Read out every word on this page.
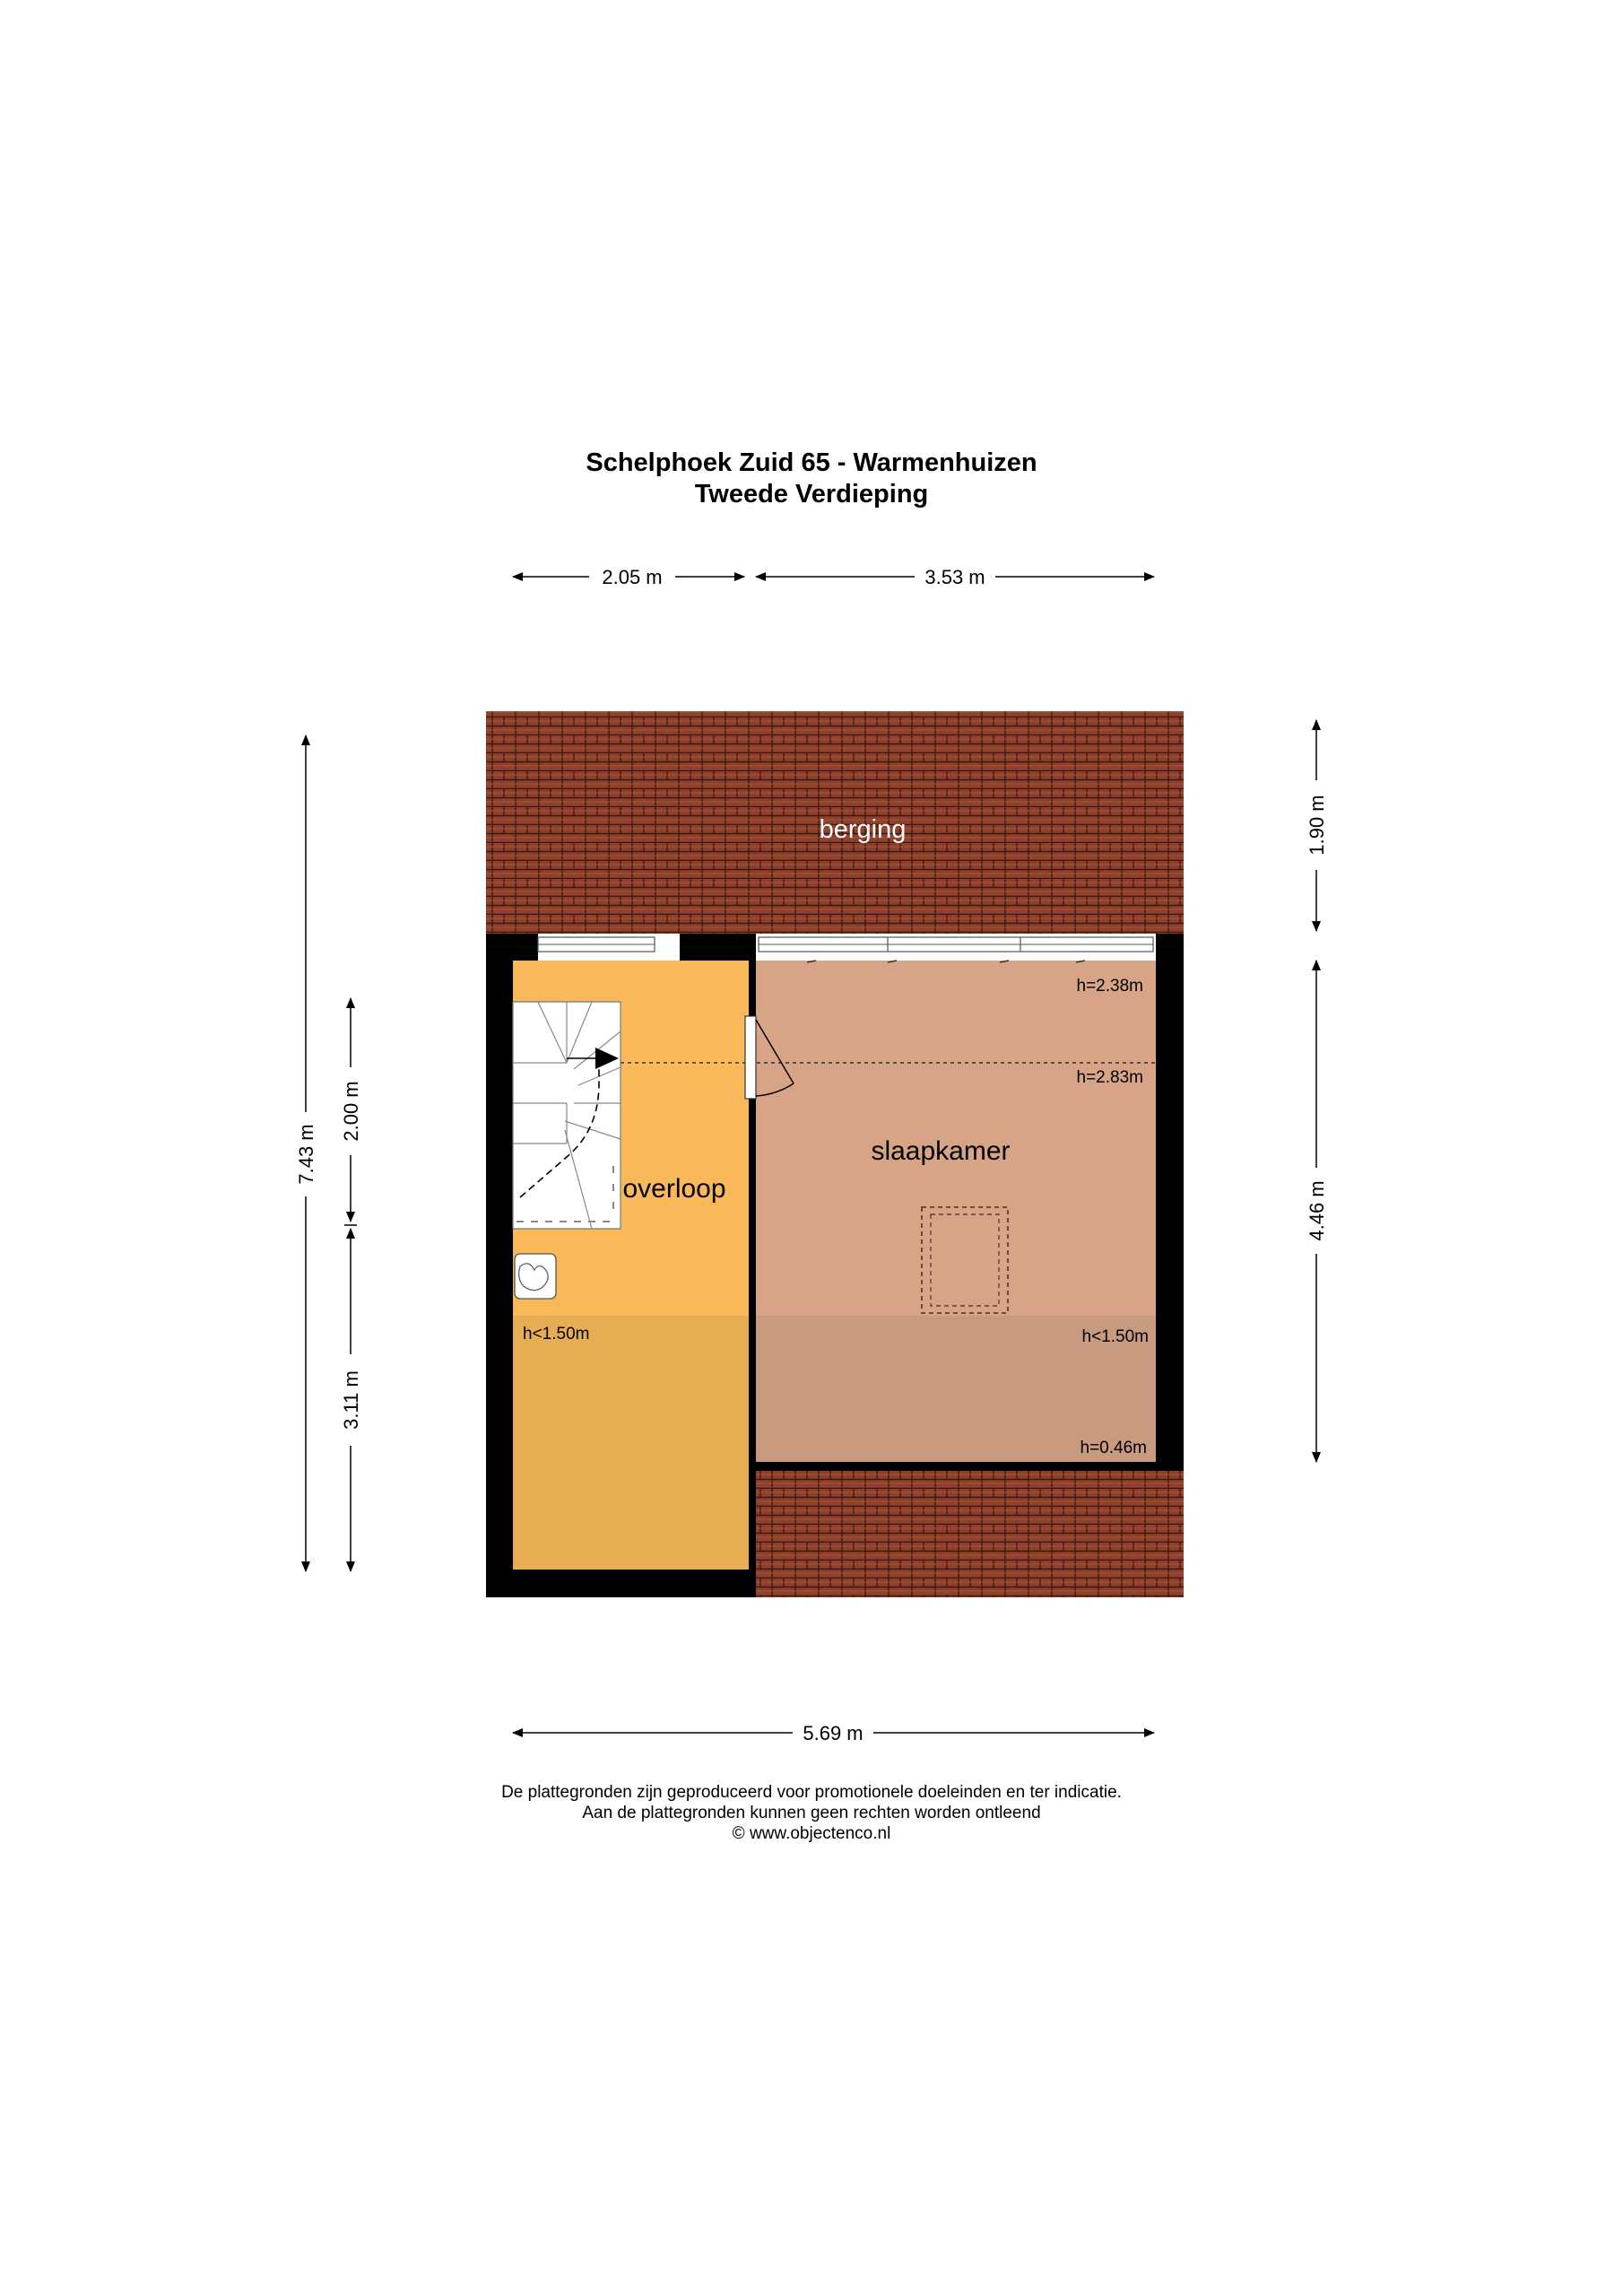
Schelphoek Zuid 65 - Warmenhuizen
Tweede Verdieping
berging
overloop
slaapkamer
h=2.38m
h=2.83m
h<1.50m	h<1.50m
h=0.46m
2.05 m	3.53 m
5.69 m
7.43 m
2.00 m
3.11 m
1.90 m
4.46 m
De plattegronden zijn geproduceerd voor promotionele doeleinden en ter indicatie.
Aan de plattegronden kunnen geen rechten worden ontleend
© www.objectenco.nl
